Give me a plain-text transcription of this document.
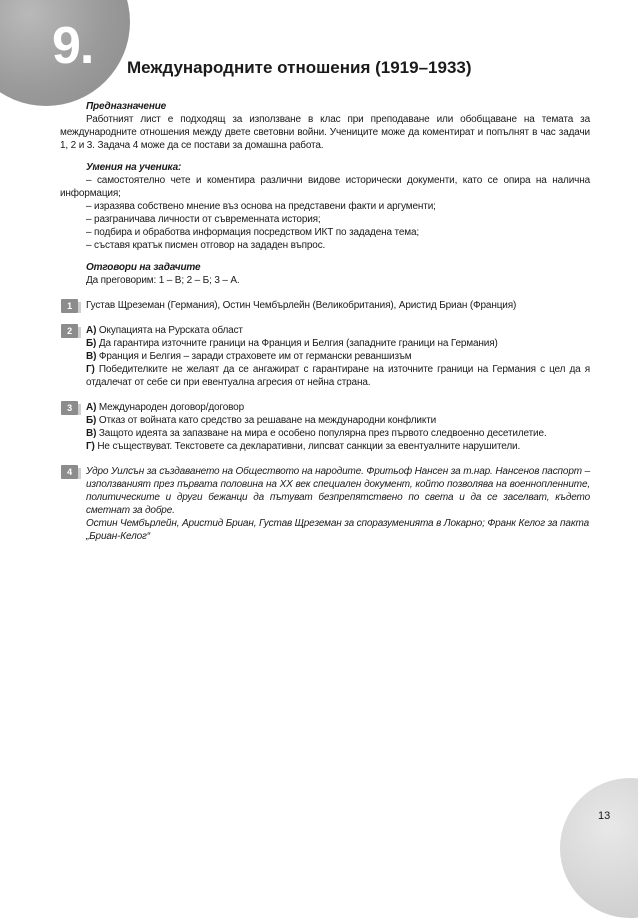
9. Международните отношения (1919–1933)

Предназначение

Работният лист е подходящ за използване в клас при преподаване или обобщаване на темата за международните отношения между двете световни войни. Учениците може да коментират и попълнят в час задачи 1, 2 и 3. Задача 4 може да се постави за домашна работа.

Умения на ученика:

– самостоятелно чете и коментира различни видове исторически документи, като се опира на налична информация;

– изразява собствено мнение въз основа на представени факти и аргументи;

– разграничава личности от съвременната история;

– подбира и обработва информация посредством ИКТ по зададена тема;

– съставя кратък писмен отговор на зададен въпрос.

Отговори на задачите

Да преговорим: 1 – В; 2 – Б; 3 – А.

1	Густав Щреземан (Германия), Остин Чембърлейн (Великобритания), Аристид Бриан (Франция)

2	А) Окупацията на Рурската област

Б) Да гарантира източните граници на Франция и Белгия (западните граници на Германия)

В) Франция и Белгия – заради страховете им от германски реваншизъм

Г) Победителките не желаят да се ангажират с гарантиране на източните граници на Германия с цел да я отдалечат от себе си при евентуална агресия от нейна страна.

3	А) Международен договор/договор

Б) Отказ от войната като средство за решаване на международни конфликти

В) Защото идеята за запазване на мира е особено популярна през първото следвоенно десетилетие.

Г) Не съществуват. Текстовете са декларативни, липсват санкции за евентуалните нарушители.

4	Удро Уилсън за създаването на Обществото на народите. Фритьоф Нансен за т.нар. Нансенов паспорт – използваният през първата половина на ХХ век специален документ, който позволява на военнопленните, политическите и други бежанци да пътуват безпрепятствено по света и да се заселват, където сметнат за добре.

Остин Чембърлейн, Аристид Бриан, Густав Щреземан за споразуменията в Локарно; Франк Келог за пакта „Бриан-Келог“

13
